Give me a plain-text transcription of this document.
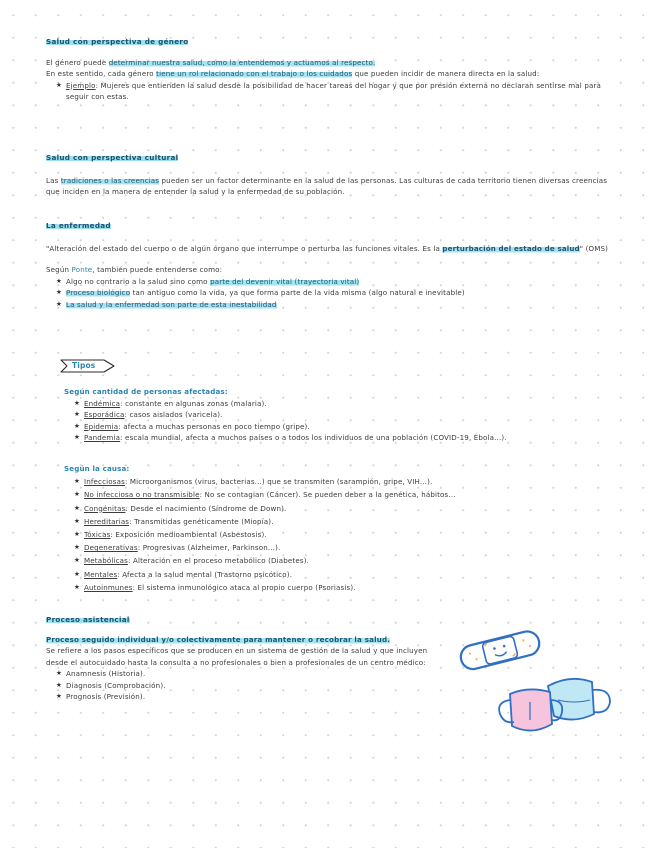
Salud con perspectiva de género

El género puede determinar nuestra salud, como la entendemos y actuamos al respecto.

En este sentido, cada género tiene un rol relacionado con el trabajo o los cuidados que pueden incidir de manera directa en la salud:

★ Ejemplo: Mujeres que entienden la salud desde la posibilidad de hacer tareas del hogar y que por presión externa no declaran sentirse mal para seguir con estas.
Salud con perspectiva cultural

Las tradiciones o las creencias pueden ser un factor determinante en la salud de las personas. Las culturas de cada territorio tienen diversas creencias que inciden en la manera de entender la salud y la enfermedad de su población.

La enfermedad

"Alteración del estado del cuerpo o de algún órgano que interrumpe o perturba las funciones vitales. Es la perturbación del estado de salud" (OMS)

Según Ponte, también puede entenderse como:

★ Algo no contrario a la salud sino como parte del devenir vital (trayectoria vital)
★ Proceso biológico tan antiguo como la vida, ya que forma parte de la vida misma (algo natural e inevitable)
★ La salud y la enfermedad son parte de esta inestabilidad
Tipos
Según cantidad de personas afectadas:
★ Endémica: constante en algunas zonas (malaria).
★ Esporádica: casos aislados (varicela).
★ Epidemia: afecta a muchas personas en poco tiempo (gripe).
★ Pandemia: escala mundial, afecta a muchos países o a todos los individuos de una población (COVID-19, Ébola...).
Según la causa:
★ Infecciosas: Microorganismos (virus, bacterias...) que se transmiten (sarampión, gripe, VIH...).
★ No infecciosa o no transmisible: No se contagian (Cáncer). Se pueden deber a la genética, hábitos...
★ Congénitas: Desde el nacimiento (Síndrome de Down).
★ Hereditarias: Transmitidas genéticamente (Miopía).
★ Tóxicas: Exposición medioambiental (Asbestosis).
★ Degenerativas: Progresivas (Alzheimer, Parkinson...).
★ Metabólicas: Alteración en el proceso metabólico (Diabetes).
★ Mentales: Afecta a la salud mental (Trastorno psicótico).
★ Autoinmunes: El sistema inmunológico ataca al propio cuerpo (Psoriasis).
Proceso asistencial
Proceso seguido individual y/o colectivamente para mantener o recobrar la salud.

Se refiere a los pasos específicos que se producen en un sistema de gestión de la salud y que incluyen desde el autocuidado hasta la consulta a no profesionales o bien a profesionales de un centro médico:

★ Anamnesis (Historia).
★ Diagnosis (Comprobación).
★ Prognosis (Previsión).
